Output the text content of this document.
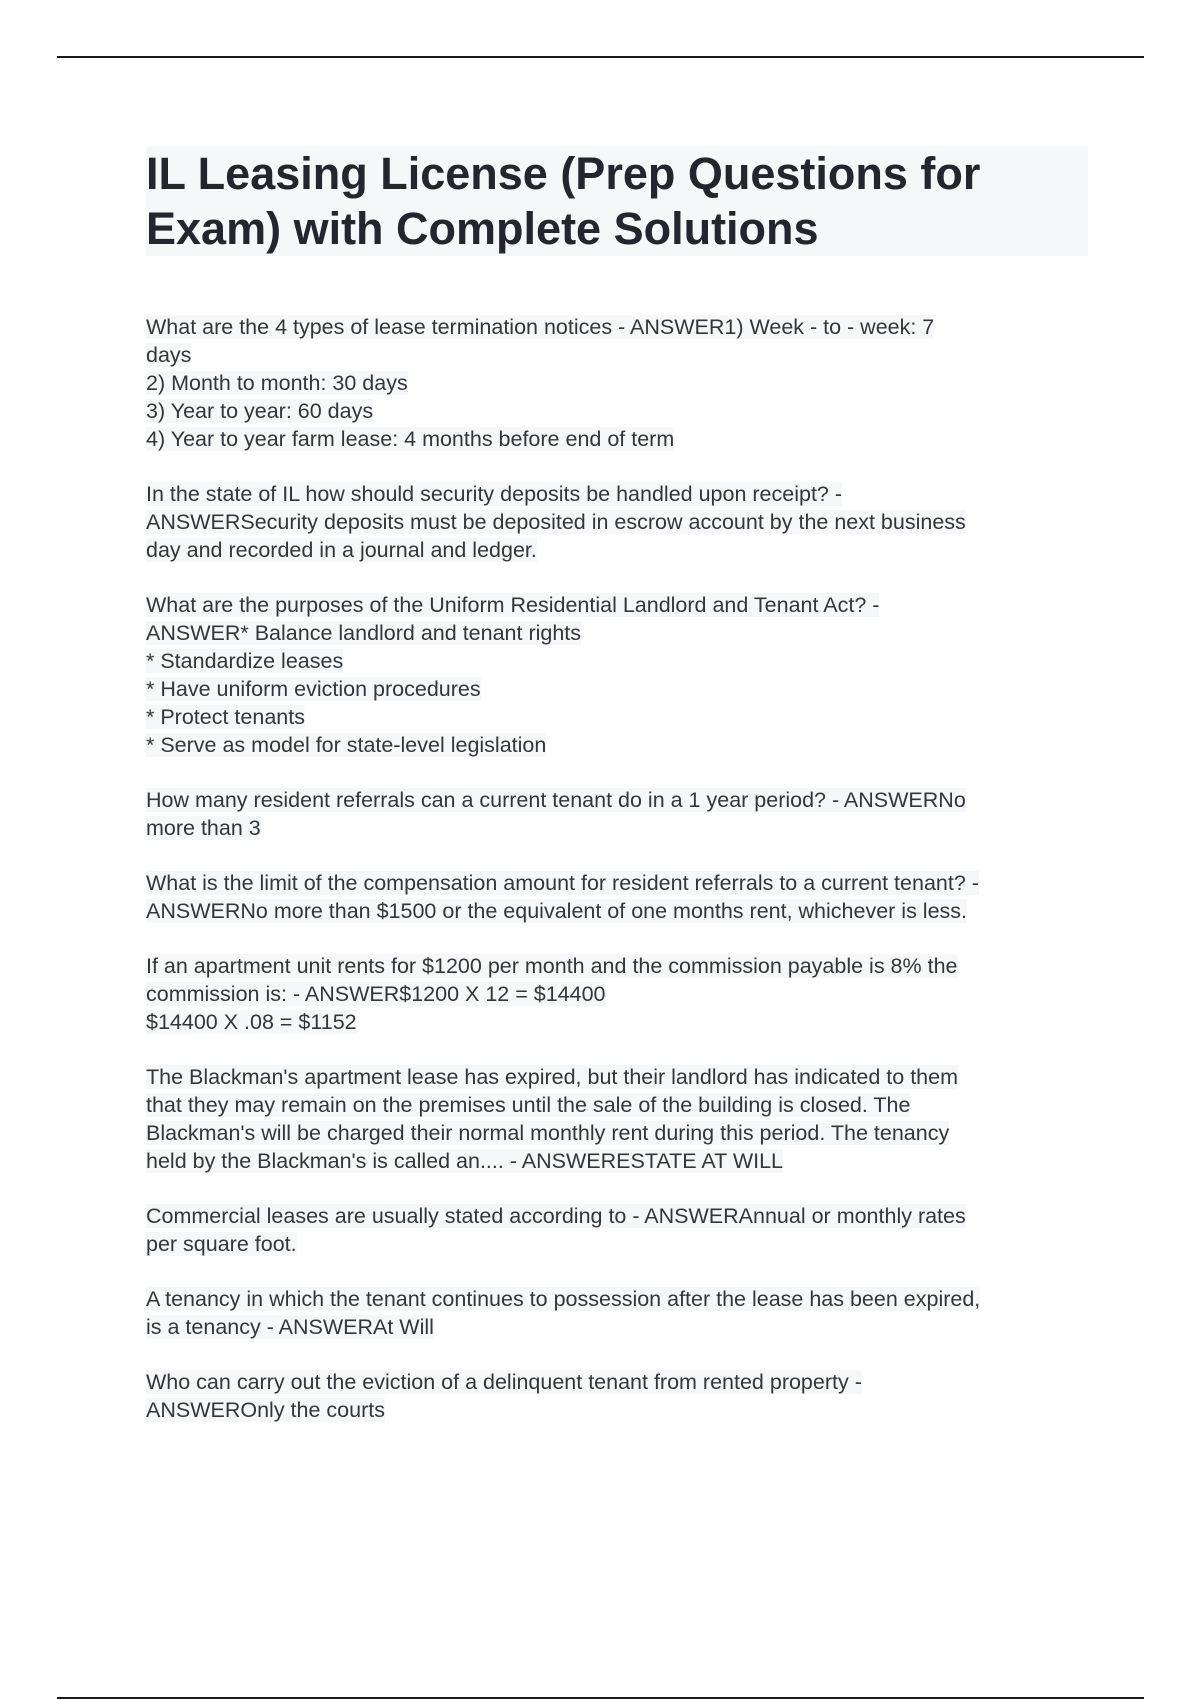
IL Leasing License (Prep Questions for
Exam) with Complete Solutions
What are the 4 types of lease termination notices - ANSWER1) Week - to - week: 7
days
2) Month to month: 30 days
3) Year to year: 60 days
4) Year to year farm lease: 4 months before end of term
In the state of IL how should security deposits be handled upon receipt? -
ANSWERSecurity deposits must be deposited in escrow account by the next business
day and recorded in a journal and ledger.
What are the purposes of the Uniform Residential Landlord and Tenant Act? -
ANSWER* Balance landlord and tenant rights
* Standardize leases
* Have uniform eviction procedures
* Protect tenants
* Serve as model for state-level legislation
How many resident referrals can a current tenant do in a 1 year period? - ANSWERNo
more than 3
What is the limit of the compensation amount for resident referrals to a current tenant? -
ANSWERNo more than $1500 or the equivalent of one months rent, whichever is less.
If an apartment unit rents for $1200 per month and the commission payable is 8% the
commission is: - ANSWER$1200 X 12 = $14400
$14400 X .08 = $1152
The Blackman's apartment lease has expired, but their landlord has indicated to them
that they may remain on the premises until the sale of the building is closed. The
Blackman's will be charged their normal monthly rent during this period. The tenancy
held by the Blackman's is called an.... - ANSWERESTATE AT WILL
Commercial leases are usually stated according to - ANSWERAnnual or monthly rates
per square foot.
A tenancy in which the tenant continues to possession after the lease has been expired,
is a tenancy - ANSWERAt Will
Who can carry out the eviction of a delinquent tenant from rented property -
ANSWEROnly the courts
